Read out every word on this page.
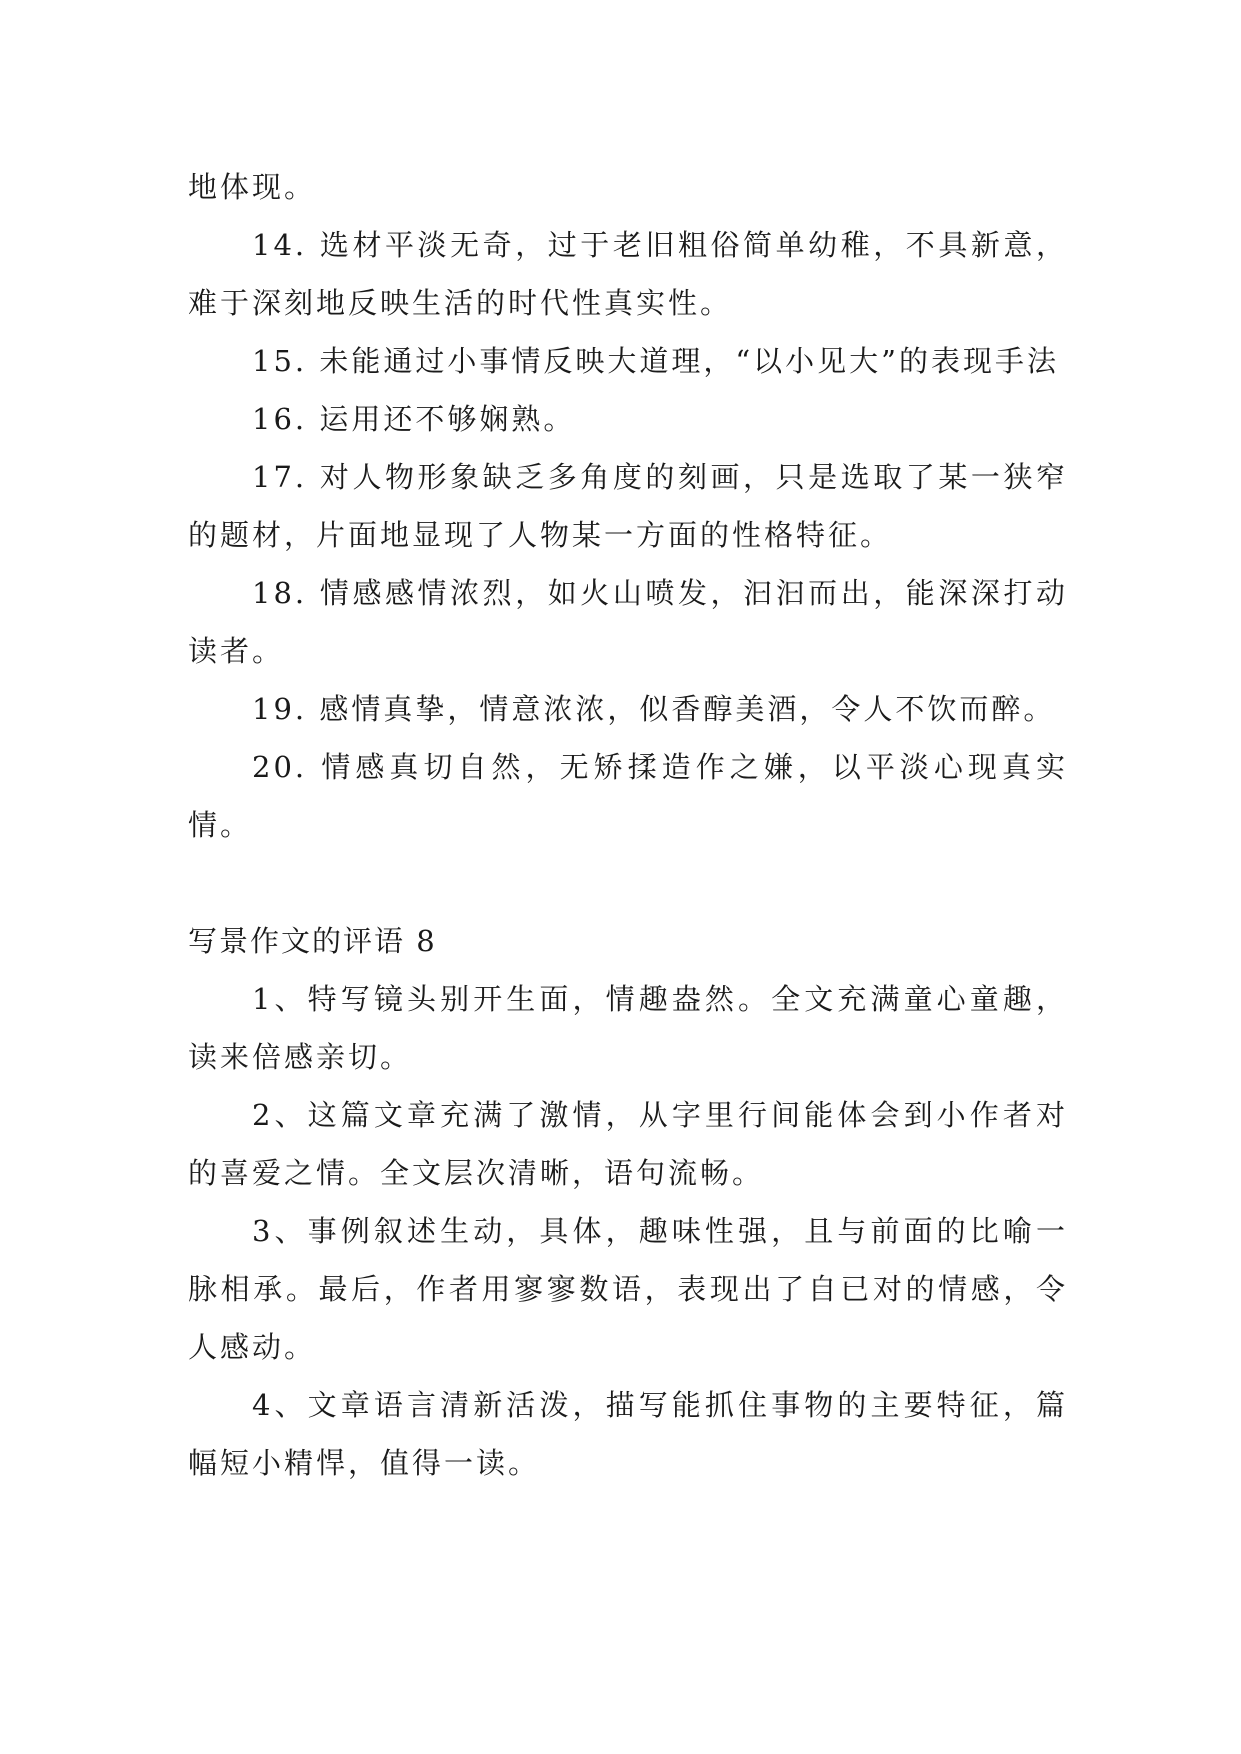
地体现。

14. 选材平淡无奇，过于老旧粗俗简单幼稚，不具新意，难于深刻地反映生活的时代性真实性。

15. 未能通过小事情反映大道理，“以小见大”的表现手法

16. 运用还不够娴熟。

17. 对人物形象缺乏多角度的刻画，只是选取了某一狭窄的题材，片面地显现了人物某一方面的性格特征。

18. 情感感情浓烈，如火山喷发，汩汩而出，能深深打动读者。

19. 感情真挚，情意浓浓，似香醇美酒，令人不饮而醉。

20. 情感真切自然，无矫揉造作之嫌，以平淡心现真实情。

写景作文的评语 8

1、特写镜头别开生面，情趣盎然。全文充满童心童趣，读来倍感亲切。

2、这篇文章充满了激情，从字里行间能体会到小作者对的喜爱之情。全文层次清晰，语句流畅。

3、事例叙述生动，具体，趣味性强，且与前面的比喻一脉相承。最后，作者用寥寥数语，表现出了自已对的情感，令人感动。

4、文章语言清新活泼，描写能抓住事物的主要特征，篇幅短小精悍，值得一读。
